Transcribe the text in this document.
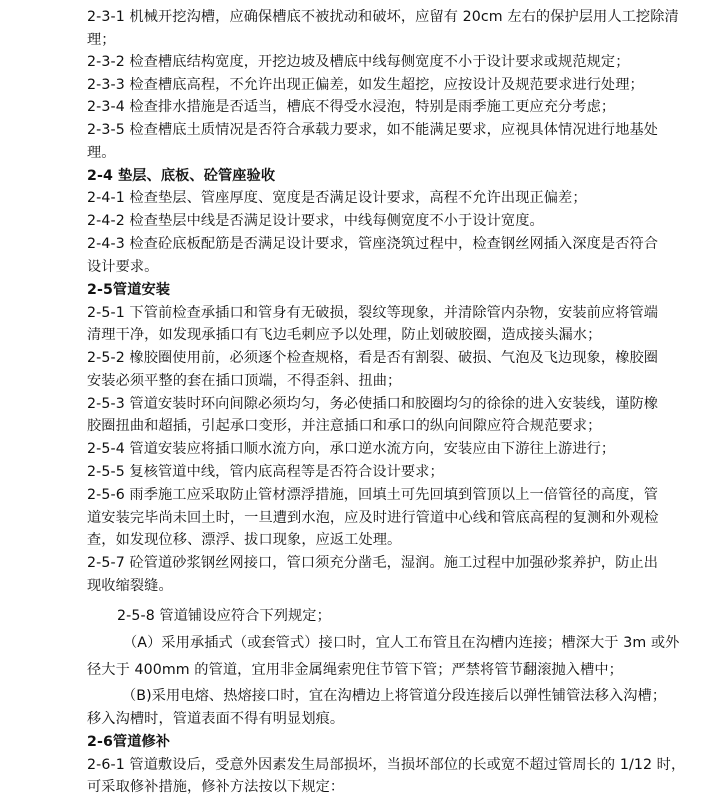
2-3-1 机械开挖沟槽，应确保槽底不被扰动和破坏，应留有 20cm 左右的保护层用人工挖除清
理；
2-3-2 检查槽底结构宽度，开挖边坡及槽底中线每侧宽度不小于设计要求或规范规定；
2-3-3 检查槽底高程，不允许出现正偏差，如发生超挖，应按设计及规范要求进行处理；
2-3-4 检查排水措施是否适当，槽底不得受水浸泡，特别是雨季施工更应充分考虑；
2-3-5 检查槽底土质情况是否符合承载力要求，如不能满足要求，应视具体情况进行地基处
理。
2-4 垫层、底板、砼管座验收
2-4-1 检查垫层、管座厚度、宽度是否满足设计要求，高程不允许出现正偏差；
2-4-2 检查垫层中线是否满足设计要求，中线每侧宽度不小于设计宽度。
2-4-3 检查砼底板配筋是否满足设计要求，管座浇筑过程中，检查钢丝网插入深度是否符合
设计要求。
2-5管道安装
2-5-1 下管前检查承插口和管身有无破损，裂纹等现象，并清除管内杂物，安装前应将管端
清理干净，如发现承插口有飞边毛刺应予以处理，防止划破胶圈，造成接头漏水；
2-5-2 橡胶圈使用前，必须逐个检查规格，看是否有割裂、破损、气泡及飞边现象，橡胶圈
安装必须平整的套在插口顶端，不得歪斜、扭曲；
2-5-3 管道安装时环向间隙必须均匀，务必使插口和胶圈均匀的徐徐的进入安装线，谨防橡
胶圈扭曲和超插，引起承口变形，并注意插口和承口的纵向间隙应符合规范要求；
2-5-4 管道安装应将插口顺水流方向，承口逆水流方向，安装应由下游往上游进行；
2-5-5 复核管道中线，管内底高程等是否符合设计要求；
2-5-6 雨季施工应采取防止管材漂浮措施，回填土可先回填到管顶以上一倍管径的高度，管
道安装完毕尚未回土时，一旦遭到水泡，应及时进行管道中心线和管底高程的复测和外观检
查，如发现位移、漂浮、拔口现象，应返工处理。
2-5-7 砼管道砂浆钢丝网接口，管口须充分凿毛，湿润。施工过程中加强砂浆养护，防止出
现收缩裂缝。
2-5-8 管道铺设应符合下列规定；
（A）采用承插式（或套管式）接口时，宜人工布管且在沟槽内连接；槽深大于 3m 或外
径大于 400mm 的管道，宜用非金属绳索兜住节管下管；严禁将管节翻滚抛入槽中；
（B)采用电熔、热熔接口时，宜在沟槽边上将管道分段连接后以弹性铺管法移入沟槽；
移入沟槽时，管道表面不得有明显划痕。
2-6管道修补
2-6-1 管道敷设后，受意外因素发生局部损坏，当损坏部位的长或宽不超过管周长的 1/12 时，
可采取修补措施，修补方法按以下规定：
